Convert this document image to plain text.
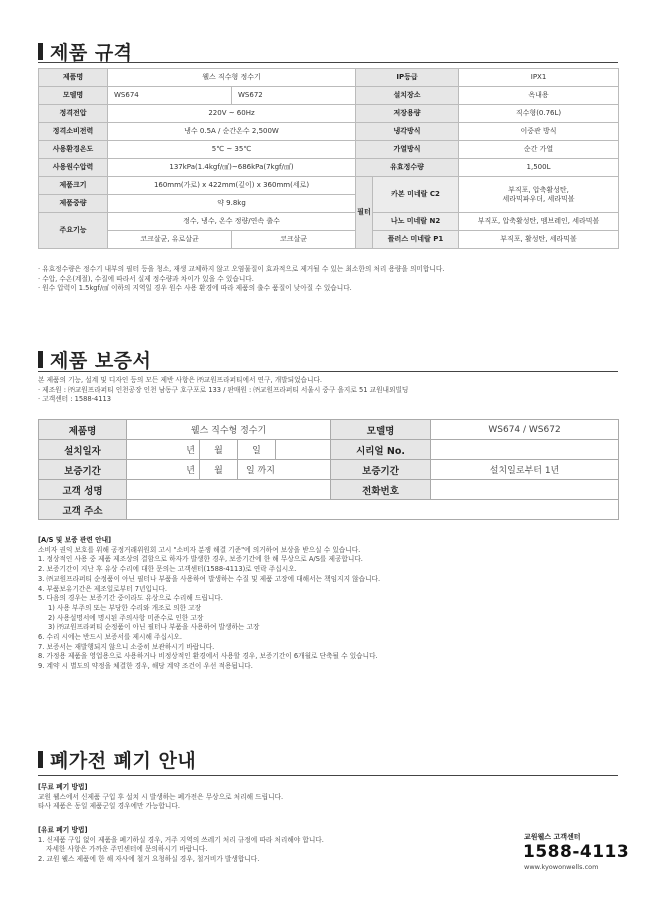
제품 규격
제품명	웰스 직수형 정수기		IP등급		IPX1
모델명	WS674	WS672	설치장소		옥내용
정격전압	220V ~ 60Hz		저장용량		직수형(0.76L)
정격소비전력	냉수 0.5A / 순간온수 2,500W		냉각방식		이중관 방식
사용환경온도	5℃ ~ 35℃		가열방식		순간 가열
사용원수압력	137kPa(1.4kgf/㎠)~686kPa(7kgf/㎠)		유효정수량		1,500L
제품크기	160mm(가로) x 422mm(깊이) x 360mm(세로)		필터	카본 미네랄 C2	부직포, 압축활성탄,
세라믹파우더, 세라믹볼

제품중량	약 9.8kg				
주요기능	정수, 냉수, 온수 정량/연속 출수			나노 미네랄 N2	부직포, 압축활성탄, 멤브레인, 세라믹볼
	코크살균, 유로살균	코크살균		플러스 미네랄 P1	부직포, 활성탄, 세라믹볼

· 유효정수량은 정수기 내부의 필터 등을 청소, 재생 교체하지 않고 오염물질이 효과적으로 제거될 수 있는 최소한의 처리 용량을 의미합니다.

· 수압, 수온(계절), 수질에 따라서 실제 정수량과 차이가 있을 수 있습니다.

· 원수 압력이 1.5kgf/㎠ 이하의 지역일 경우 원수 사용 환경에 따라 제품의 출수 품질이 낮아질 수 있습니다.

제품 보증서

본 제품의 기능, 설계 및 디자인 등의 모든 제반 사항은 ㈜교원프라퍼티에서 연구, 개발되었습니다.

· 제조원 : ㈜교원프라퍼티 인천공장 인천 남동구 호구포로 133 / 판매원 : ㈜교원프라퍼티 서울시 중구 을지로 51 교원내외빌딩

· 고객센터 : 1588-4113

제품명	웰스 직수형 정수기				모델명	WS674 / WS672
설치일자	년	월	일		시리얼 No.	
보증기간	년	월	일 까지		보증기간	설치일로부터 1년
고객 성명					전화번호	
고객 주소						

[A/S 및 보증 관련 안내]

소비자 권익 보호를 위해 공정거래위원회 고시 "소비자 분쟁 해결 기준"에 의거하여 보상을 받으실 수 있습니다.

1. 정상적인 사용 중 제품 제조상의 결함으로 하자가 발생한 경우, 보증기간에 한 해 무상으로 A/S를 제공합니다.

2. 보증기간이 지난 후 유상 수리에 대한 문의는 고객센터(1588-4113)로 연락 주십시오.

3. ㈜교원프라퍼티 순정품이 아닌 필터나 부품을 사용하여 발생하는 수질 및 제품 고장에 대해서는 책임지지 않습니다.

4. 부품보유기간은 제조일로부터 7년입니다.

5. 다음의 경우는 보증기간 중이라도 유상으로 수리해 드립니다.

1) 사용 부주의 또는 부당한 수리와 개조로 의한 고장

2) 사용설명서에 명시된 주의사항 미준수로 인한 고장

3) ㈜교원프라퍼티 순정품이 아닌 필터나 부품을 사용하여 발생하는 고장

6. 수리 시에는 반드시 보증서를 제시해 주십시오.

7. 보증서는 재발행되지 않으니 소중히 보관하시기 바랍니다.

8. 가정용 제품을 영업용으로 사용하거나 비정상적인 환경에서 사용할 경우, 보증기간이 6개월로 단축될 수 있습니다.

9. 계약 시 별도의 약정을 체결한 경우, 해당 계약 조건이 우선 적용됩니다.

폐가전 폐기 안내

[무료 폐기 방법]

교원 웰스에서 신제품 구입 후 설치 시 발생하는 폐가전은 무상으로 처리해 드립니다.

타사 제품은 동일 제품군일 경우에만 가능합니다.

[유료 폐기 방법]

1. 신제품 구입 없이 제품을 폐기하실 경우, 거주 지역의 쓰레기 처리 규정에 따라 처리해야 합니다.

자세한 사항은 가까운 주민센터에 문의하시기 바랍니다.

2. 교원 웰스 제품에 한 해 자사에 철거 요청하실 경우, 철거비가 발생합니다.

교원웰스 고객센터
1588-4113
www.kyowonwells.com
